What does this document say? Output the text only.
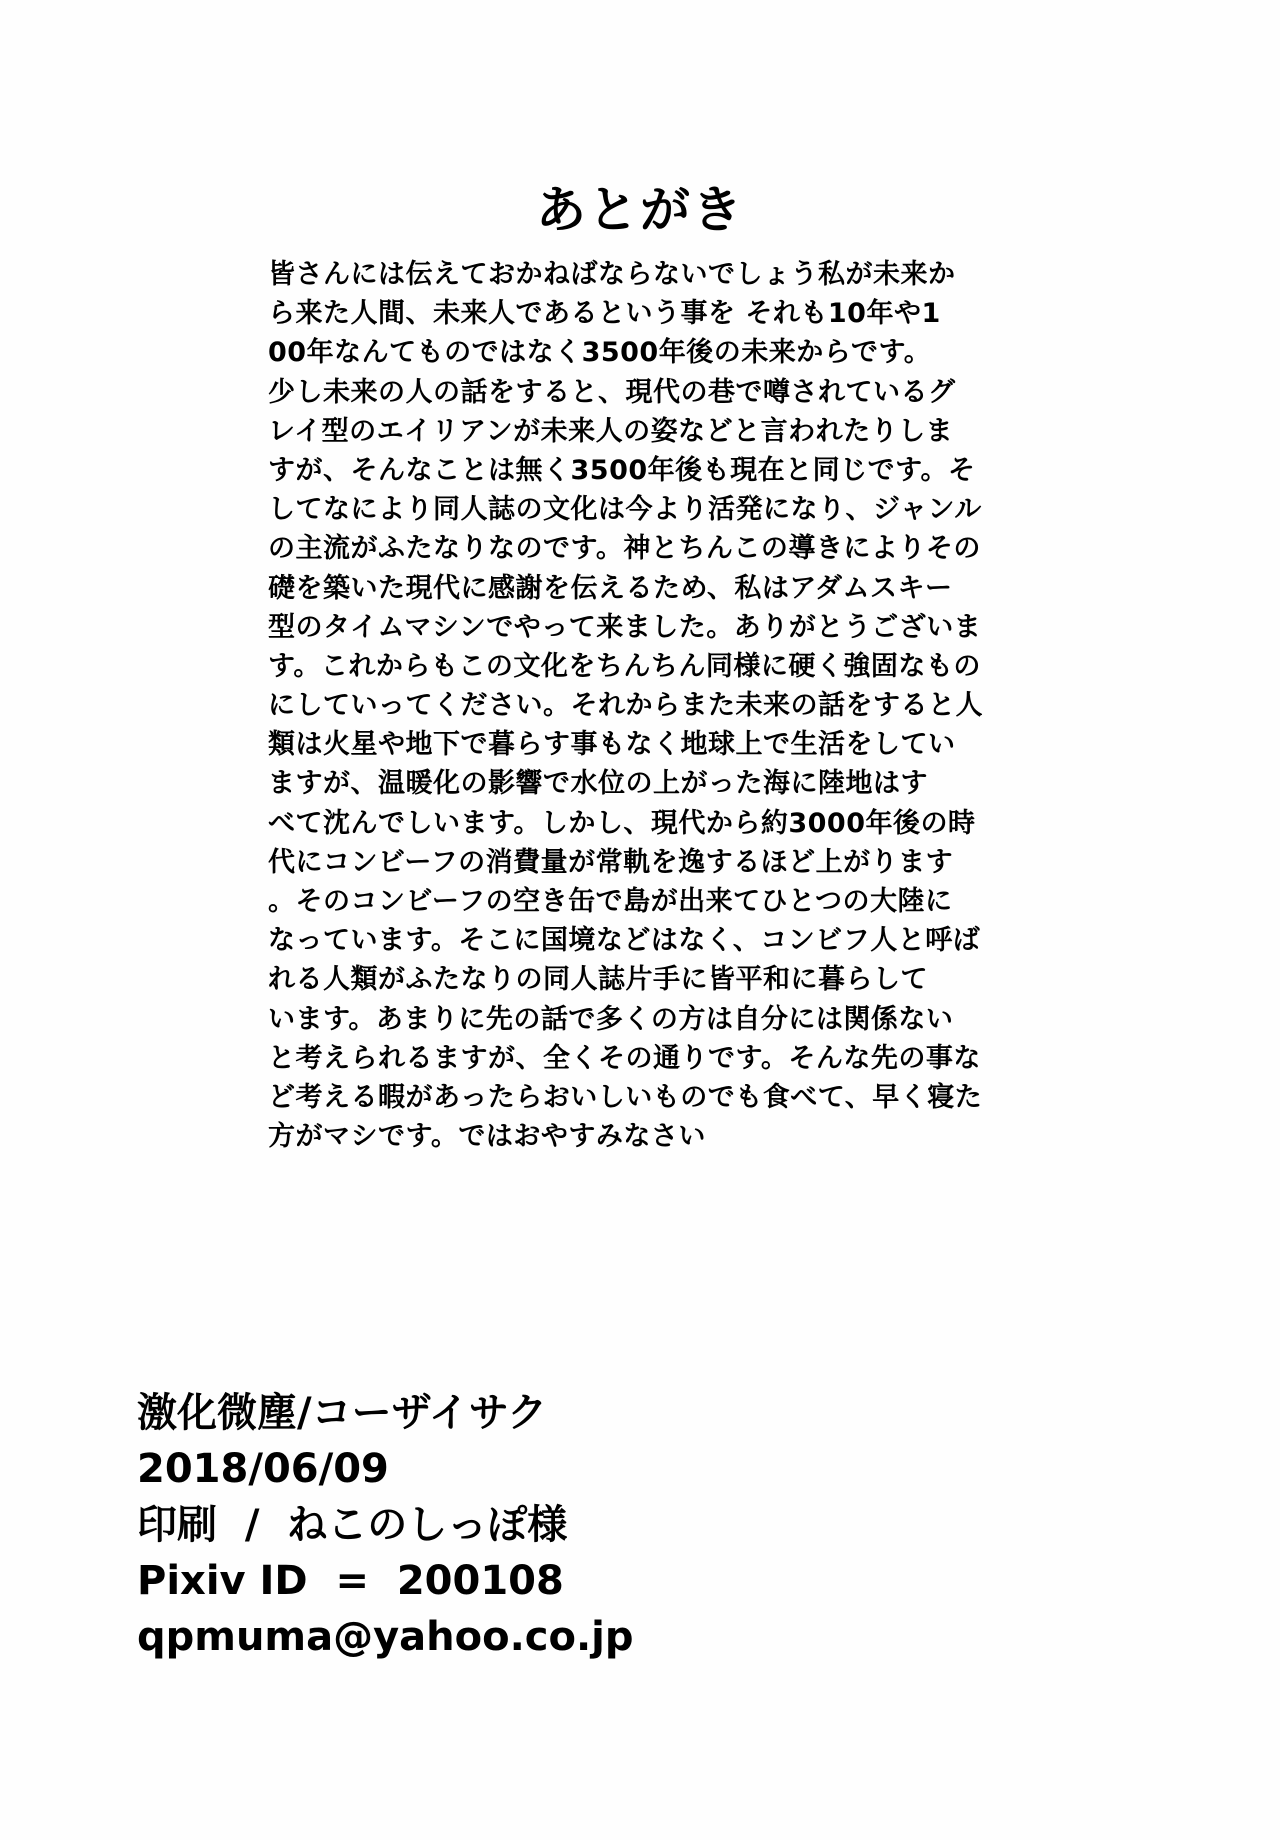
あとがき
皆さんには伝えておかねばならないでしょう私が未来か
ら来た人間、未来人であるという事を それも10年や1
00年なんてものではなく3500年後の未来からです。
少し未来の人の話をすると、現代の巷で噂されているグ
レイ型のエイリアンが未来人の姿などと言われたりしま
すが、そんなことは無く3500年後も現在と同じです。そ
してなにより同人誌の文化は今より活発になり、ジャンル
の主流がふたなりなのです。神とちんこの導きによりその
礎を築いた現代に感謝を伝えるため、私はアダムスキー
型のタイムマシンでやって来ました。ありがとうございま
す。これからもこの文化をちんちん同様に硬く強固なもの
にしていってください。それからまた未来の話をすると人
類は火星や地下で暮らす事もなく地球上で生活をしてい
ますが、温暖化の影響で水位の上がった海に陸地はす
べて沈んでしいます。しかし、現代から約3000年後の時
代にコンビーフの消費量が常軌を逸するほど上がります
。そのコンビーフの空き缶で島が出来てひとつの大陸に
なっています。そこに国境などはなく、コンビフ人と呼ば
れる人類がふたなりの同人誌片手に皆平和に暮らして
います。あまりに先の話で多くの方は自分には関係ない
と考えられるますが、全くその通りです。そんな先の事な
ど考える暇があったらおいしいものでも食べて、早く寝た
方がマシです。ではおやすみなさい
激化微塵/コーザイサク
2018/06/09
印刷  /  ねこのしっぽ様
Pixiv ID  =  200108
qpmuma@yahoo.co.jp
